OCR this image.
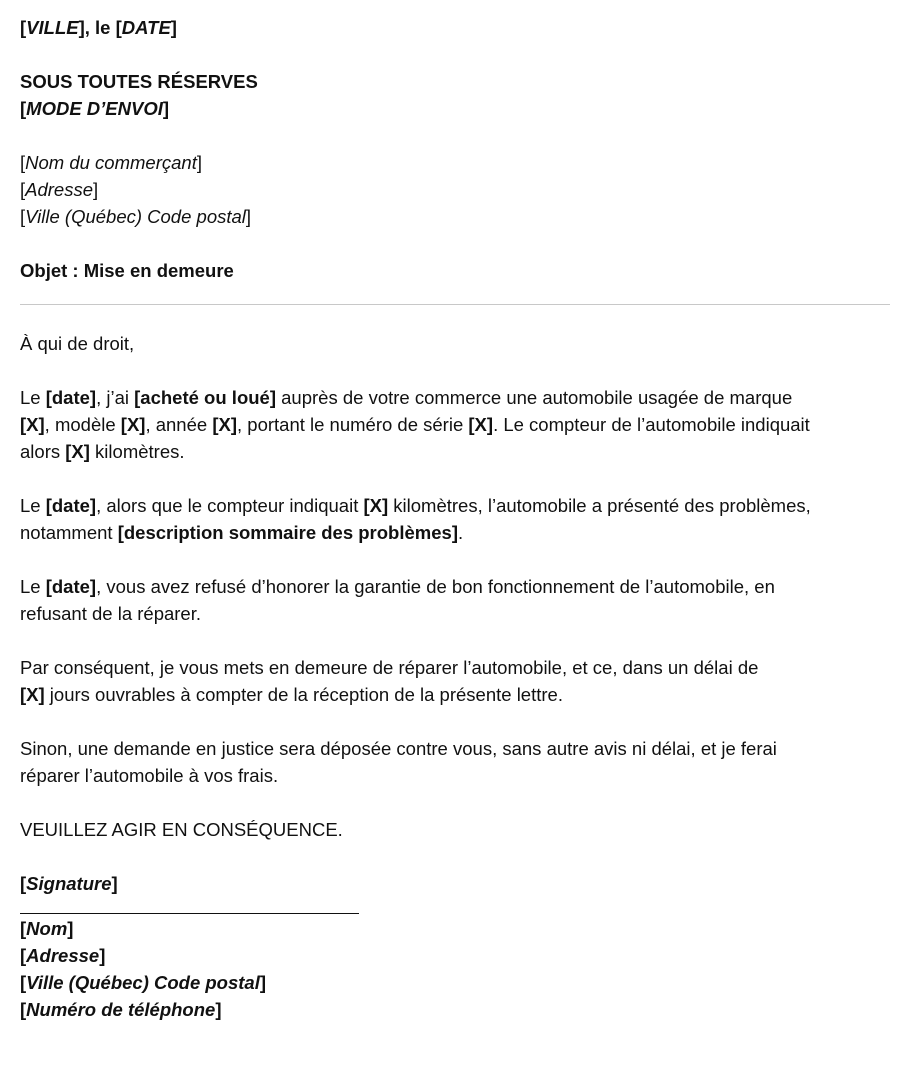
[VILLE], le [DATE]
SOUS TOUTES RÉSERVES
[MODE D’ENVOI]
[Nom du commerçant]
[Adresse]
[Ville (Québec) Code postal]
Objet : Mise en demeure
À qui de droit,
Le [date], j’ai [acheté ou loué] auprès de votre commerce une automobile usagée de marque
[X], modèle [X], année [X], portant le numéro de série [X]. Le compteur de l’automobile indiquait
alors [X] kilomètres.
Le [date], alors que le compteur indiquait [X] kilomètres, l’automobile a présenté des problèmes,
notamment [description sommaire des problèmes].
Le [date], vous avez refusé d’honorer la garantie de bon fonctionnement de l’automobile, en
refusant de la réparer.
Par conséquent, je vous mets en demeure de réparer l’automobile, et ce, dans un délai de
[X] jours ouvrables à compter de la réception de la présente lettre.
Sinon, une demande en justice sera déposée contre vous, sans autre avis ni délai, et je ferai
réparer l’automobile à vos frais.
VEUILLEZ AGIR EN CONSÉQUENCE.
[Signature]
[Nom]
[Adresse]
[Ville (Québec) Code postal]
[Numéro de téléphone]
